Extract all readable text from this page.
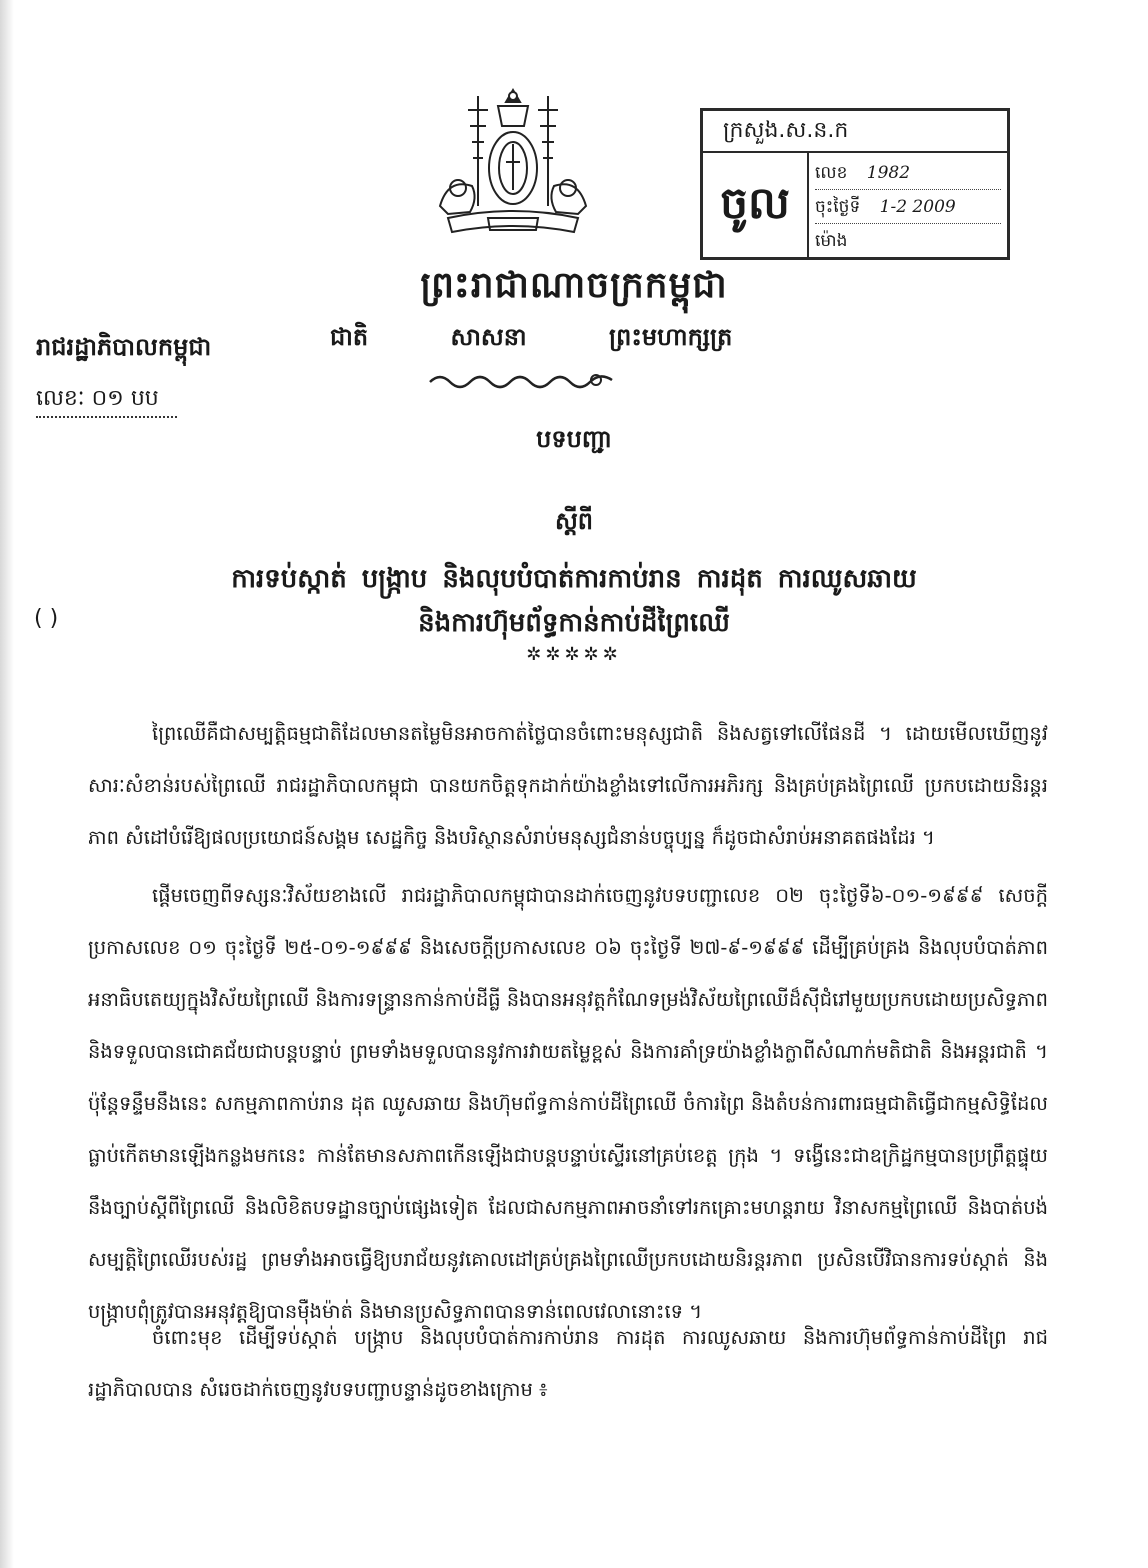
ក្រសួង.ស.ន.ក
ចូល
លេខ 1982
ចុះថ្ងៃទី 1-2 2009
ម៉ោង
ព្រះរាជាណាចក្រកម្ពុជា
ជាតិ	សាសនា	ព្រះមហាក្សត្រ
រាជរដ្ឋាភិបាលកម្ពុជា
លេខៈ ០១ បប
បទបញ្ជា
ស្តីពី
ការទប់ស្កាត់ បង្ក្រាប និងលុបបំបាត់ការកាប់រាន ការដុត ការឈូសឆាយ
និងការហ៊ុមព័ទ្ធកាន់កាប់ដីព្រៃឈើ
✲✲✲✲✲
( )

ព្រៃឈើគឺជាសម្បត្តិធម្មជាតិដែលមានតម្លៃមិនអាចកាត់ថ្លៃបានចំពោះមនុស្សជាតិ និងសត្វទៅលើផែនដី ។ ដោយមើលឃើញនូវសារៈសំខាន់របស់ព្រៃឈើ រាជរដ្ឋាភិបាលកម្ពុជា បានយកចិត្តទុកដាក់យ៉ាងខ្លាំងទៅលើការអភិរក្ស និងគ្រប់គ្រងព្រៃឈើ ប្រកបដោយនិរន្តរភាព សំដៅបំរើឱ្យផលប្រយោជន៍សង្គម សេដ្ឋកិច្ច និងបរិស្ថានសំរាប់មនុស្សជំនាន់បច្ចុប្បន្ន ក៏ដូចជាសំរាប់អនាគតផងដែរ ។

ផ្តើមចេញពីទស្សនៈវិស័យខាងលើ រាជរដ្ឋាភិបាលកម្ពុជាបានដាក់ចេញនូវបទបញ្ជាលេខ ០២ ចុះថ្ងៃទី៦-០១-១៩៩៩ សេចក្តីប្រកាសលេខ ០១ ចុះថ្ងៃទី ២៥-០១-១៩៩៩ និងសេចក្តីប្រកាសលេខ ០៦ ចុះថ្ងៃទី ២៧-៩-១៩៩៩ ដើម្បីគ្រប់គ្រង និងលុបបំបាត់ភាពអនាធិបតេយ្យក្នុងវិស័យព្រៃឈើ និងការទន្ទ្រានកាន់កាប់ដីធ្លី និងបានអនុវត្តកំណែទម្រង់វិស័យព្រៃឈើដ៏ស៊ីជំរៅមួយប្រកបដោយប្រសិទ្ធភាព និងទទួលបានជោគជ័យជាបន្តបន្ទាប់ ព្រមទាំងមទួលបាននូវការវាយតម្លៃខ្ពស់ និងការគាំទ្រយ៉ាងខ្លាំងក្លាពីសំណាក់មតិជាតិ និងអន្តរជាតិ ។ ប៉ុន្តែទន្ទឹមនឹងនេះ សកម្មភាពកាប់រាន ដុត ឈូសឆាយ និងហ៊ុមព័ទ្ធកាន់កាប់ដីព្រៃឈើ ចំការព្រៃ និងតំបន់ការពារធម្មជាតិធ្វើជាកម្មសិទ្ធិដែលធ្លាប់កើតមានឡើងកន្លងមកនេះ កាន់តែមានសភាពកើនឡើងជាបន្តបន្ទាប់ស្ទើរនៅគ្រប់ខេត្ត ក្រុង ។ ទង្វើនេះជាឧក្រិដ្ឋកម្មបានប្រព្រឹត្តផ្ទុយនឹងច្បាប់ស្តីពីព្រៃឈើ និងលិខិតបទដ្ឋានច្បាប់ផ្សេងទៀត ដែលជាសកម្មភាពអាចនាំទៅរកគ្រោះមហន្តរាយ វិនាសកម្មព្រៃឈើ និងបាត់បង់សម្បត្តិព្រៃឈើរបស់រដ្ឋ ព្រមទាំងអាចធ្វើឱ្យបរាជ័យនូវគោលដៅគ្រប់គ្រងព្រៃឈើប្រកបដោយនិរន្តរភាព ប្រសិនបើវិធានការទប់ស្កាត់ និងបង្ក្រាបពុំត្រូវបានអនុវត្តឱ្យបានម៉ឺងម៉ាត់ និងមានប្រសិទ្ធភាពបានទាន់ពេលវេលានោះទេ ។

ចំពោះមុខ ដើម្បីទប់ស្កាត់ បង្ក្រាប និងលុបបំបាត់ការកាប់រាន ការដុត ការឈូសឆាយ និងការហ៊ុមព័ទ្ធកាន់កាប់ដីព្រៃ រាជរដ្ឋាភិបាលបាន សំរេចដាក់ចេញនូវបទបញ្ជាបន្ទាន់ដូចខាងក្រោម ៖
